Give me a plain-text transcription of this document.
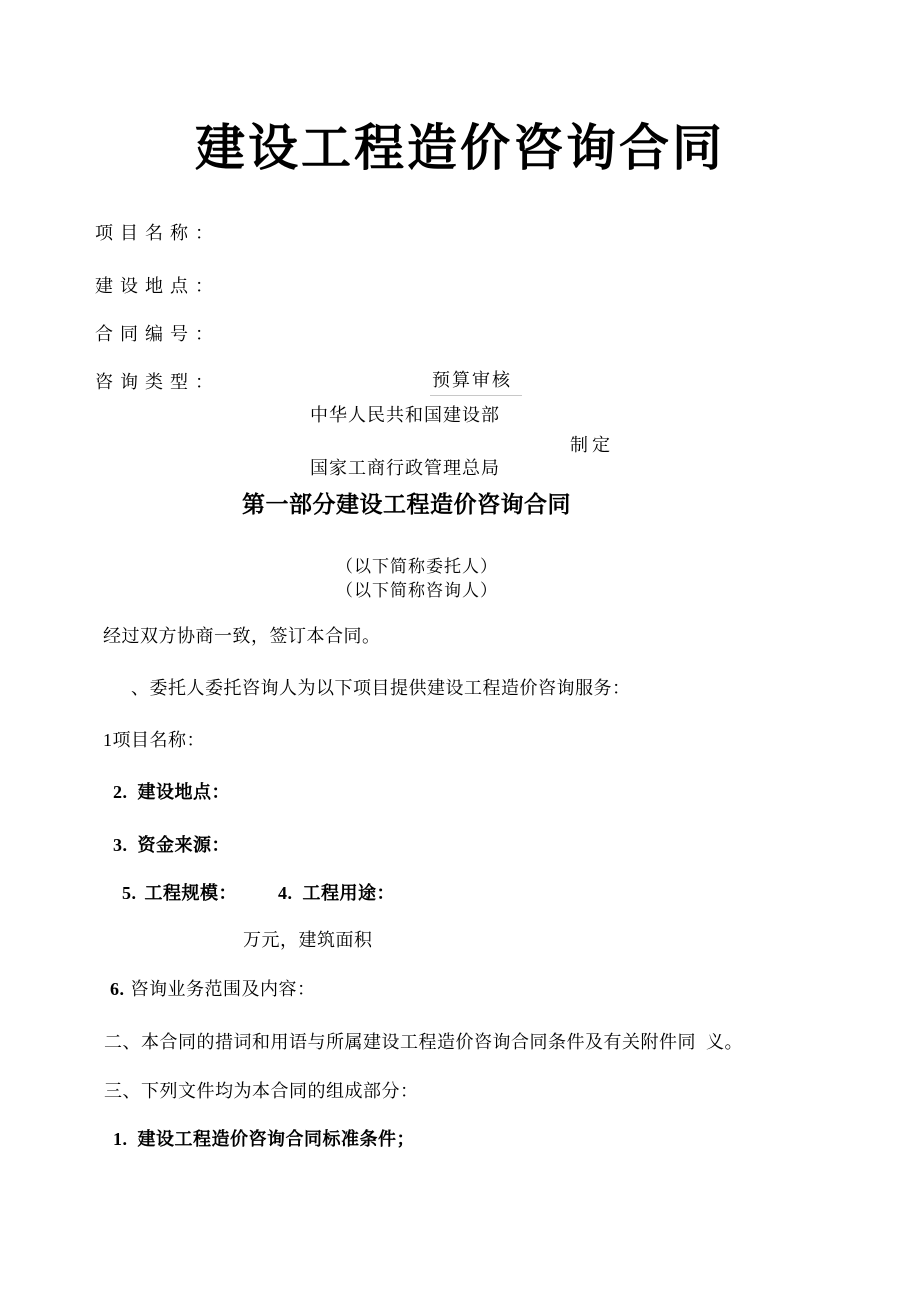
建设工程造价咨询合同
项目名称：
建设地点：
合同编号：
咨询类型：	预算审核
中华人民共和国建设部
制定
国家工商行政管理总局
第一部分建设工程造价咨询合同
（以下简称委托人）
（以下简称咨询人）
经过双方协商一致，签订本合同。
、委托人委托咨询人为以下项目提供建设工程造价咨询服务：
1项目名称：
2. 建设地点：
3. 资金来源：
5. 工程规模： 4. 工程用途：
万元，建筑面积
6. 咨询业务范围及内容：
二、本合同的措词和用语与所属建设工程造价咨询合同条件及有关附件同  义。
三、下列文件均为本合同的组成部分：
1. 建设工程造价咨询合同标准条件；
